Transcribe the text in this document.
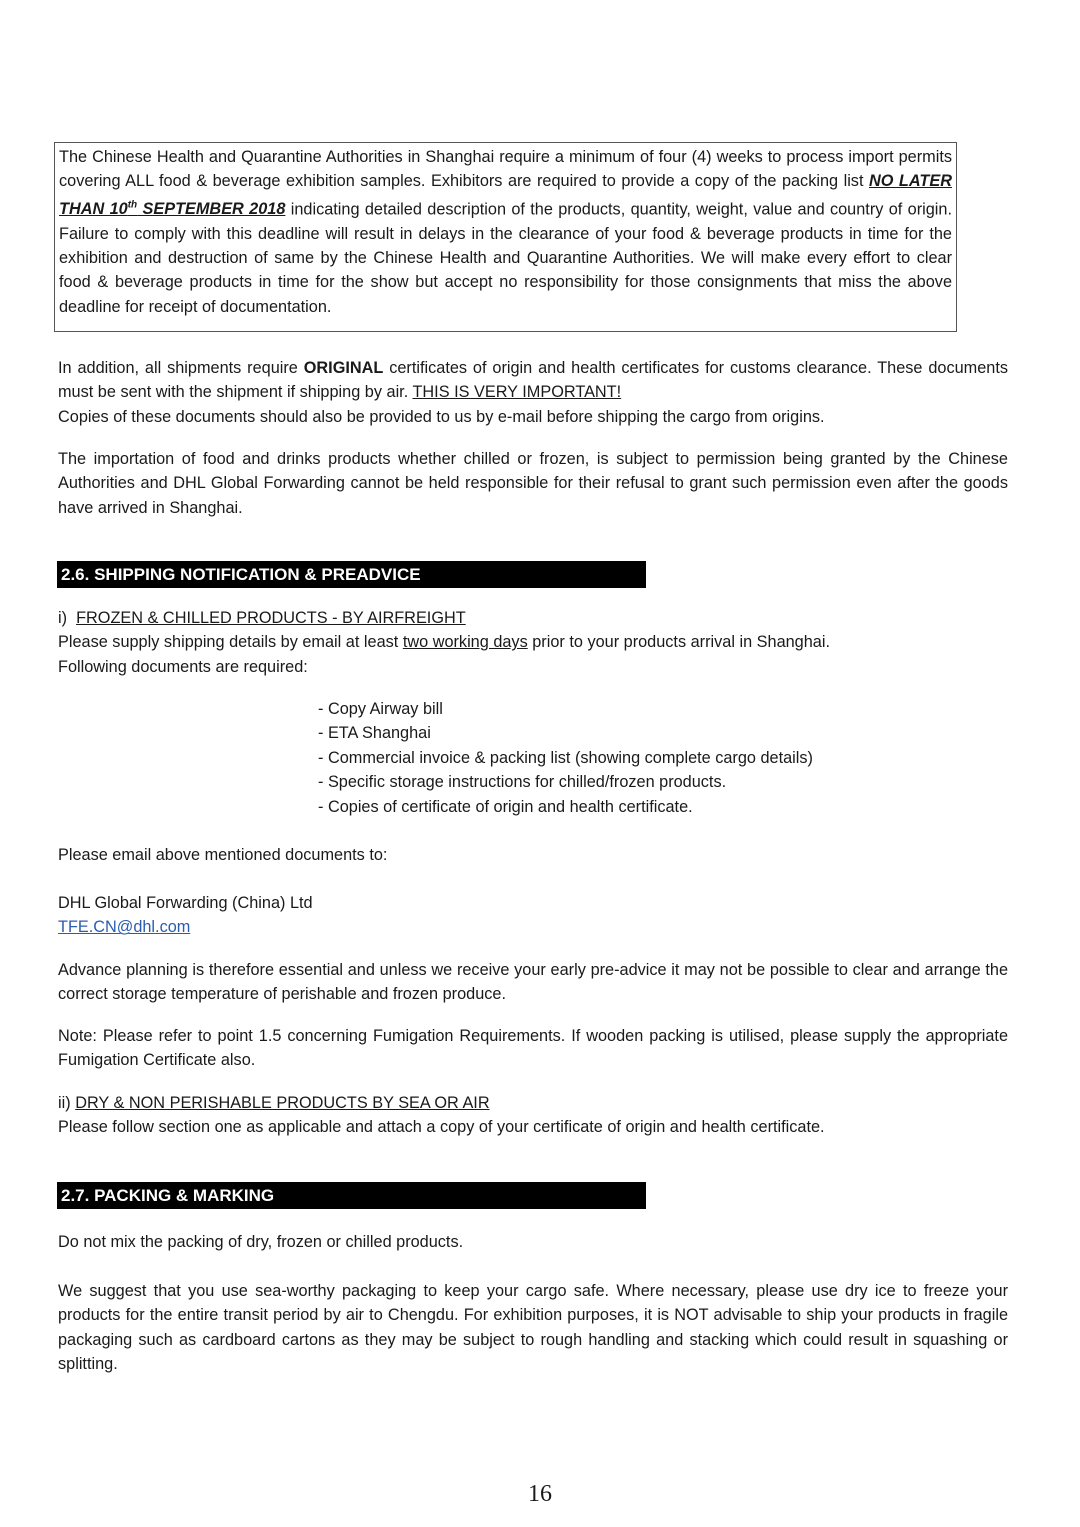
The Chinese Health and Quarantine Authorities in Shanghai require a minimum of four (4) weeks to process import permits covering ALL food & beverage exhibition samples. Exhibitors are required to provide a copy of the packing list NO LATER THAN 10th SEPTEMBER 2018 indicating detailed description of the products, quantity, weight, value and country of origin. Failure to comply with this deadline will result in delays in the clearance of your food & beverage products in time for the exhibition and destruction of same by the Chinese Health and Quarantine Authorities. We will make every effort to clear food & beverage products in time for the show but accept no responsibility for those consignments that miss the above deadline for receipt of documentation.
In addition, all shipments require ORIGINAL certificates of origin and health certificates for customs clearance. These documents must be sent with the shipment if shipping by air. THIS IS VERY IMPORTANT!
Copies of these documents should also be provided to us by e-mail before shipping the cargo from origins.
The importation of food and drinks products whether chilled or frozen, is subject to permission being granted by the Chinese Authorities and DHL Global Forwarding cannot be held responsible for their refusal to grant such permission even after the goods have arrived in Shanghai.
2.6. SHIPPING NOTIFICATION & PREADVICE
i)  FROZEN & CHILLED PRODUCTS - BY AIRFREIGHT
Please supply shipping details by email at least two working days prior to your products arrival in Shanghai.
Following documents are required:
- Copy Airway bill
- ETA Shanghai
- Commercial invoice & packing list (showing complete cargo details)
- Specific storage instructions for chilled/frozen products.
- Copies of certificate of origin and health certificate.
Please email above mentioned documents to:
DHL Global Forwarding (China) Ltd
TFE.CN@dhl.com
Advance planning is therefore essential and unless we receive your early pre-advice it may not be possible to clear and arrange the correct storage temperature of perishable and frozen produce.
Note: Please refer to point 1.5 concerning Fumigation Requirements. If wooden packing is utilised, please supply the appropriate Fumigation Certificate also.
ii) DRY & NON PERISHABLE PRODUCTS BY SEA OR AIR
Please follow section one as applicable and attach a copy of your certificate of origin and health certificate.
2.7. PACKING & MARKING
Do not mix the packing of dry, frozen or chilled products.
We suggest that you use sea-worthy packaging to keep your cargo safe. Where necessary, please use dry ice to freeze your products for the entire transit period by air to Chengdu. For exhibition purposes, it is NOT advisable to ship your products in fragile packaging such as cardboard cartons as they may be subject to rough handling and stacking which could result in squashing or splitting.
16
